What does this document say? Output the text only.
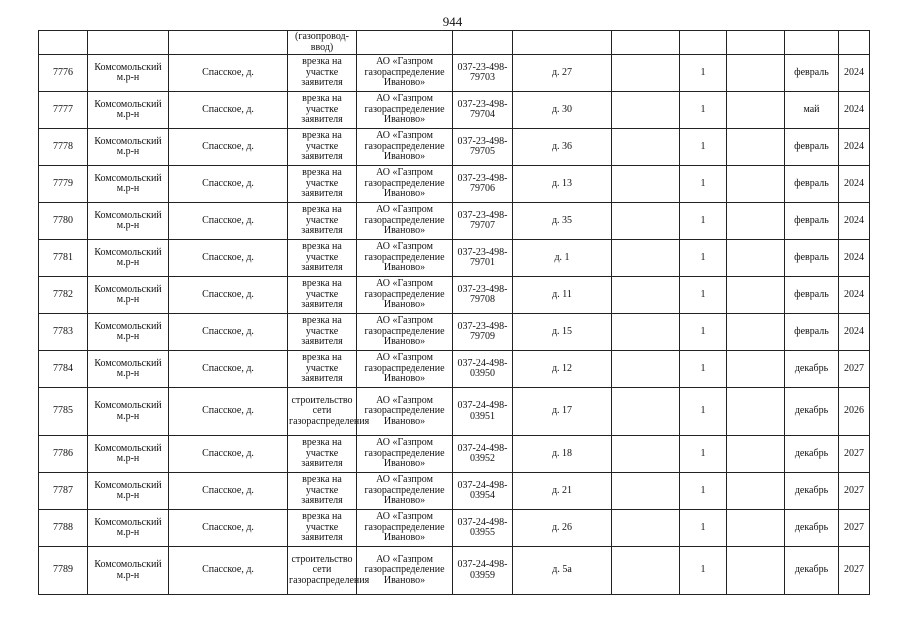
944
			(газопровод-ввод)								
7776	Комсомольский м.р-н	Спасское, д.	врезка на участке заявителя	АО «Газпром газораспределение Иваново»	037-23-498-79703	д. 27		1		февраль	2024
7777	Комсомольский м.р-н	Спасское, д.	врезка на участке заявителя	АО «Газпром газораспределение Иваново»	037-23-498-79704	д. 30		1		май	2024
7778	Комсомольский м.р-н	Спасское, д.	врезка на участке заявителя	АО «Газпром газораспределение Иваново»	037-23-498-79705	д. 36		1		февраль	2024
7779	Комсомольский м.р-н	Спасское, д.	врезка на участке заявителя	АО «Газпром газораспределение Иваново»	037-23-498-79706	д. 13		1		февраль	2024
7780	Комсомольский м.р-н	Спасское, д.	врезка на участке заявителя	АО «Газпром газораспределение Иваново»	037-23-498-79707	д. 35		1		февраль	2024
7781	Комсомольский м.р-н	Спасское, д.	врезка на участке заявителя	АО «Газпром газораспределение Иваново»	037-23-498-79701	д. 1		1		февраль	2024
7782	Комсомольский м.р-н	Спасское, д.	врезка на участке заявителя	АО «Газпром газораспределение Иваново»	037-23-498-79708	д. 11		1		февраль	2024
7783	Комсомольский м.р-н	Спасское, д.	врезка на участке заявителя	АО «Газпром газораспределение Иваново»	037-23-498-79709	д. 15		1		февраль	2024
7784	Комсомольский м.р-н	Спасское, д.	врезка на участке заявителя	АО «Газпром газораспределение Иваново»	037-24-498-03950	д. 12		1		декабрь	2027
7785	Комсомольский м.р-н	Спасское, д.	строительство сети газораспределения	АО «Газпром газораспределение Иваново»	037-24-498-03951	д. 17		1		декабрь	2026
7786	Комсомольский м.р-н	Спасское, д.	врезка на участке заявителя	АО «Газпром газораспределение Иваново»	037-24-498-03952	д. 18		1		декабрь	2027
7787	Комсомольский м.р-н	Спасское, д.	врезка на участке заявителя	АО «Газпром газораспределение Иваново»	037-24-498-03954	д. 21		1		декабрь	2027
7788	Комсомольский м.р-н	Спасское, д.	врезка на участке заявителя	АО «Газпром газораспределение Иваново»	037-24-498-03955	д. 26		1		декабрь	2027
7789	Комсомольский м.р-н	Спасское, д.	строительство сети газораспределения	АО «Газпром газораспределение Иваново»	037-24-498-03959	д. 5а		1		декабрь	2027
